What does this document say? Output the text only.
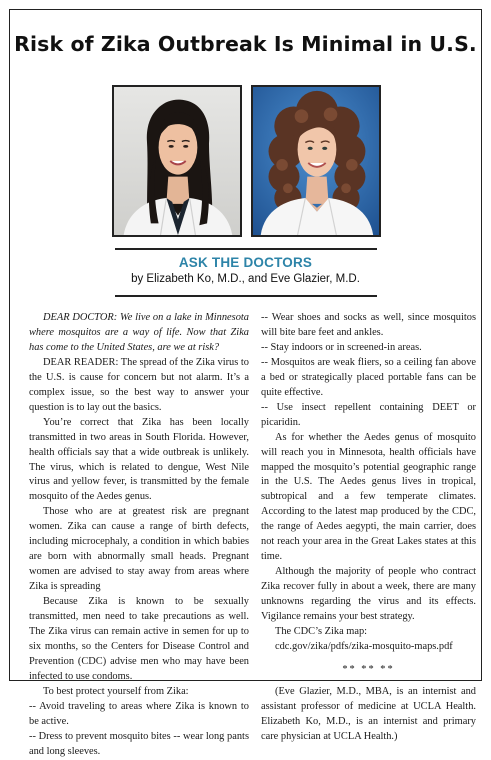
Risk of Zika Outbreak Is Minimal in U.S.
ASK THE DOCTORS
by Elizabeth Ko, M.D., and Eve Glazier, M.D.

DEAR DOCTOR: We live on a lake in Minnesota where mosquitos are a way of life. Now that Zika has come to the United States, are we at risk?

DEAR READER: The spread of the Zika virus to the U.S. is cause for concern but not alarm. It’s a complex issue, so the best way to answer your question is to lay out the basics.

You’re correct that Zika has been locally transmitted in two areas in South Florida. However, health officials say that a wide outbreak is unlikely. The virus, which is related to dengue, West Nile virus and yellow fever, is transmitted by the female mosquito of the Aedes genus.

Those who are at greatest risk are pregnant women. Zika can cause a range of birth defects, including microcephaly, a condition in which babies are born with abnormally small heads. Pregnant women are advised to stay away from areas where Zika is spreading

Because Zika is known to be sexually transmitted, men need to take precautions as well. The Zika virus can remain active in semen for up to six months, so the Centers for Disease Control and Prevention (CDC) advise men who may have been infected to use condoms.

To best protect yourself from Zika:

-- Avoid traveling to areas where Zika is known to be active.

-- Dress to prevent mosquito bites -- wear long pants and long sleeves.

-- Wear shoes and socks as well, since mosquitos will bite bare feet and ankles.

-- Stay indoors or in screened-in areas.

-- Mosquitos are weak fliers, so a ceiling fan above a bed or strategically placed portable fans can be quite effective.

-- Use insect repellent containing DEET or picaridin.

As for whether the Aedes genus of mosquito will reach you in Minnesota, health officials have mapped the mosquito’s potential geographic range in the U.S. The Aedes genus lives in tropical, subtropical and a few temperate climates. According to the latest map produced by the CDC, the range of Aedes aegypti, the main carrier, does not reach your area in the Great Lakes states at this time.

Although the majority of people who contract Zika recover fully in about a week, there are many unknowns regarding the virus and its effects. Vigilance remains your best strategy.

The CDC’s Zika map:

cdc.gov/zika/pdfs/zika-mosquito-maps.pdf

** ** **

(Eve Glazier, M.D., MBA, is an internist and assistant professor of medicine at UCLA Health. Elizabeth Ko, M.D., is an internist and primary care physician at UCLA Health.)
